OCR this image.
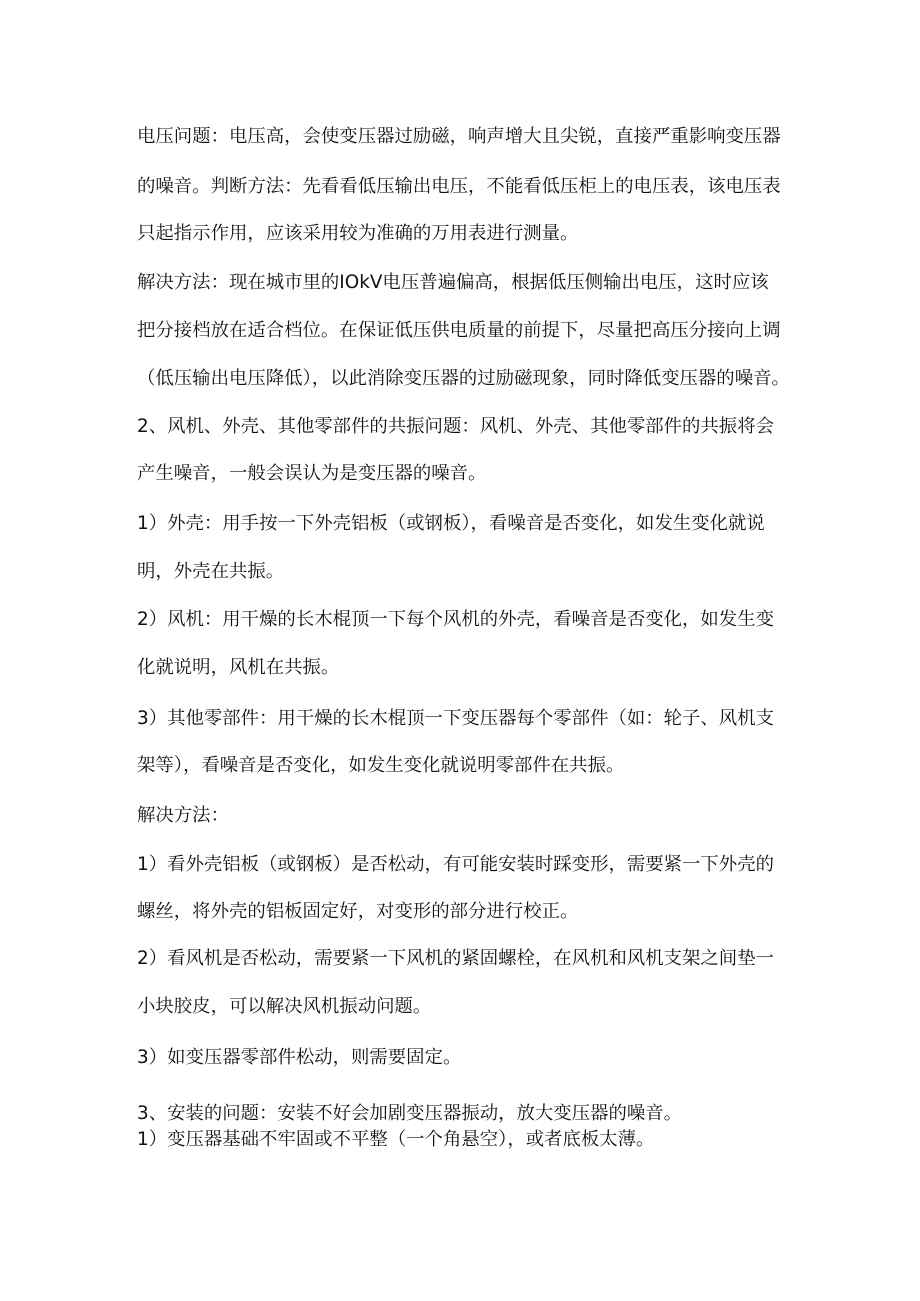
电压问题：电压高，会使变压器过励磁，响声增大且尖锐，直接严重影响变压器
的噪音。判断方法：先看看低压输出电压，不能看低压柜上的电压表，该电压表
只起指示作用，应该采用较为准确的万用表进行测量。
解决方法：现在城市里的IOkV电压普遍偏高，根据低压侧输出电压，这时应该
把分接档放在适合档位。在保证低压供电质量的前提下，尽量把高压分接向上调
（低压输出电压降低），以此消除变压器的过励磁现象，同时降低变压器的噪音。
2、风机、外壳、其他零部件的共振问题：风机、外壳、其他零部件的共振将会
产生噪音，一般会误认为是变压器的噪音。
1）外壳：用手按一下外壳铝板（或钢板），看噪音是否变化，如发生变化就说
明，外壳在共振。
2）风机：用干燥的长木棍顶一下每个风机的外壳，看噪音是否变化，如发生变
化就说明，风机在共振。
3）其他零部件：用干燥的长木棍顶一下变压器每个零部件（如：轮子、风机支
架等），看噪音是否变化，如发生变化就说明零部件在共振。
解决方法：
1）看外壳铝板（或钢板）是否松动，有可能安装时踩变形，需要紧一下外壳的
螺丝，将外壳的铝板固定好，对变形的部分进行校正。
2）看风机是否松动，需要紧一下风机的紧固螺栓，在风机和风机支架之间垫一
小块胶皮，可以解决风机振动问题。
3）如变压器零部件松动，则需要固定。
3、安装的问题：安装不好会加剧变压器振动，放大变压器的噪音。
1）变压器基础不牢固或不平整（一个角悬空），或者底板太薄。
